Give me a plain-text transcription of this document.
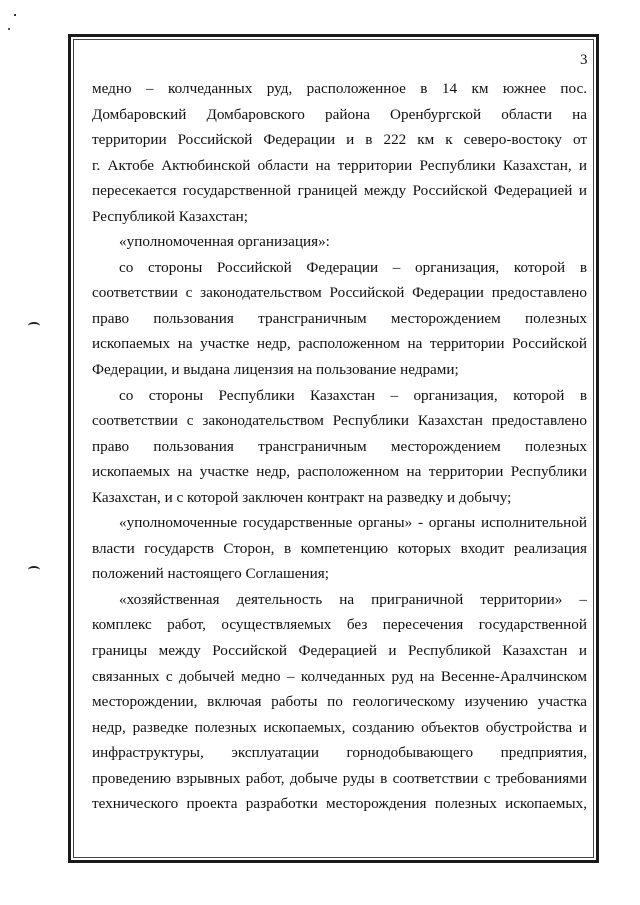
3
медно – колчеданных руд, расположенное в 14 км южнее пос.
Домбаровский Домбаровского района Оренбургской области на
территории Российской Федерации и в 222 км к северо-востоку от
г. Актобе Актюбинской области на территории Республики Казахстан, и
пересекается государственной границей между Российской Федерацией и
Республикой Казахстан;
«уполномоченная организация»:
со стороны Российской Федерации – организация, которой в
соответствии с законодательством Российской Федерации предоставлено
право пользования трансграничным месторождением полезных
ископаемых на участке недр, расположенном на территории Российской
Федерации, и выдана лицензия на пользование недрами;
со стороны Республики Казахстан – организация, которой в
соответствии с законодательством Республики Казахстан предоставлено
право пользования трансграничным месторождением полезных
ископаемых на участке недр, расположенном на территории Республики
Казахстан, и с которой заключен контракт на разведку и добычу;
«уполномоченные государственные органы» - органы исполнительной
власти государств Сторон, в компетенцию которых входит реализация
положений настоящего Соглашения;
«хозяйственная деятельность на приграничной территории» –
комплекс работ, осуществляемых без пересечения государственной
границы между Российской Федерацией и Республикой Казахстан и
связанных с добычей медно – колчеданных руд на Весенне-Аралчинском
месторождении, включая работы по геологическому изучению участка
недр, разведке полезных ископаемых, созданию объектов обустройства и
инфраструктуры, эксплуатации горнодобывающего предприятия,
проведению взрывных работ, добыче руды в соответствии с требованиями
технического проекта разработки месторождения полезных ископаемых,
